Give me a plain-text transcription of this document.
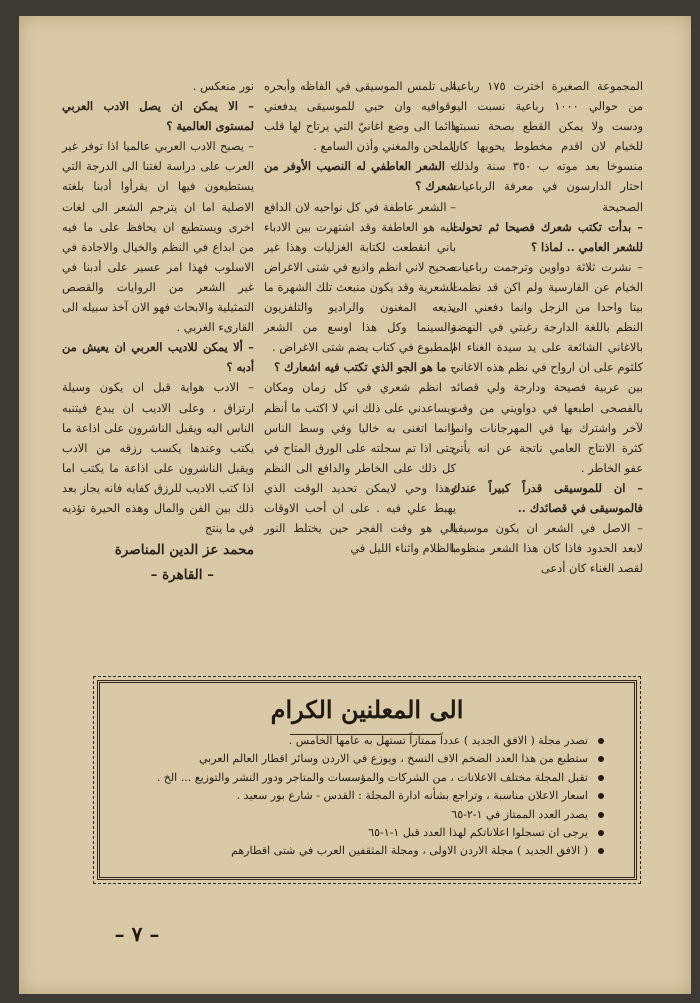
المجموعة الصغيرة اخترت ١٧٥ رباعية من حوالي ١٠٠٠ رباعية نسبت اليه ودست ولا يمكن القطع بصحة نسبتها للخيام لان اقدم مخطوط يحويها كان منسوخا بعد موته ب ٣٥٠ سنة ولذلك احتار الدارسون في معرفة الرباعيات الصحيحة

– بدأت تكتب شعرك فصيحا ثم تحولت للشعر العامي .. لماذا ؟

– نشرت ثلاثة دواوين وترجمت رباعيات الخيام عن الفارسية ولم اكن قد نظمت بيتا واحدا من الزجل وانما دفعني الى النظم باللغة الدارجة رغبتي في النهضة بالاغاني الشائعة على يد سيدة الغناء ام كلثوم على ان ارواح في نظم هذه الاغاني بين عربية فصيحة ودارجة ولي قصائد بالفصحى اطبعها في دواويني من وقت لآخر واشترك بها في المهرجانات وانما كثرة الانتاج العامي ناتجة عن انه يأتي عفو الخاطر .

– ان للموسيقى قدراً كبيراً عندك فالموسيقى في قصائدك ..

– الاصل في الشعر ان يكون موسيقيا لابعد الحدود فاذا كان هذا الشعر منظوما لقصد الغناء كان أدعى

الى تلمس الموسيقى في الفاظه وأبحره وقوافيه وان حبي للموسيقى يدفعني دائما الى وضع اغانيّ التي يرتاح لها قلب الملحن والمغني وأذن السامع .

– الشعر العاطفي له النصيب الأوفر من شعرك ؟

– الشعر عاطفة في كل نواحيه لان الدافع اليه هو العاطفة وقد اشتهرت بين الادباء باني انقطعت لكتابة الغزليات وهذا غير صحيح لاني انظم واذيع في شتى الاغراض الشعرية وقد يكون منبعث تلك الشهرة ما يذيعه المغنون والراديو والتلفزيون والسينما وكل هذا اوسع من الشعر المطبوع في كتاب يضم شتى الاغراض .

– ما هو الجو الذي تكتب فيه اشعارك ؟

– انظم شعري في كل زمان ومكان ويساعدني على ذلك اني لا اكتب ما أنظم وانما اتغنى به خاليا وفي وسط الناس حتى اذا تم سجلته على الورق المتاح في كل ذلك على الخاطر والدافع الى النظم وهذا وحي لايمكن تحديد الوقت الذي يهبط علي فيه . على ان أحب الاوقات الي هو وقت الفجر حين يختلط النور بالظلام واثناء الليل في

نور منعكس .

– الا يمكن ان يصل الادب العربي لمستوى العالمية ؟

– يصبح الادب العربي عالميا اذا توفر غير العرب على دراسة لغتنا الى الدرجة التي يستطيعون فيها ان يقرأوا أدبنا بلغته الاصلية اما ان يترجم الشعر الى لغات اخرى ويستطيع ان يحافظ على ما فيه من ابداع في النظم والخيال والاجادة في الاسلوب فهذا امر عسير على أدبنا في غير الشعر من الروايات والقصص التمثيلية والابحاث فهو الان آخذ سبيله الى القارىء الغربي .

– ألا يمكن للاديب العربي ان يعيش من أدبه ؟

– الادب هواية قبل ان يكون وسيلة ارتزاق ، وعلى الاديب ان يبدع فيتنبه الناس اليه ويقبل الناشرون على اذاعة ما يكتب وعندها يكسب رزقه من الادب ويقبل الناشرون على اذاعة ما يكتب اما اذا كتب الاديب للرزق كفايه فانه يجاز بعد ذلك بين الفن والمال وهذه الحيرة تؤذيه في ما ينتج

محمد عز الدين المناصرة

– القاهرة –

الى المعلنين الكرام
تصدر مجلة ( الافق الجديد ) عدداً ممتازاً تستهل به عامها الخامس .
ستطبع من هذا العدد الضخم الاف النسخ ، ويوزع في الاردن وسائر اقطار العالم العربي
تقبل المجلة مختلف الاعلانات ، من الشركات والمؤسسات والمتاجر ودور النشر والتوزيع ... الخ .
اسعار الاعلان مناسبة ، وتراجع بشأنه ادارة المجلة : القدس - شارع بور سعيد .
يصدر العدد الممتاز في ١-٢-٦٥
يرجى ان تسجلوا اعلاناتكم لهذا العدد قبل ١-١-٦٥
( الافق الجديد ) مجلة الاردن الاولى ، ومجلة المثقفين العرب في شتى اقطارهم
– ٧ –
